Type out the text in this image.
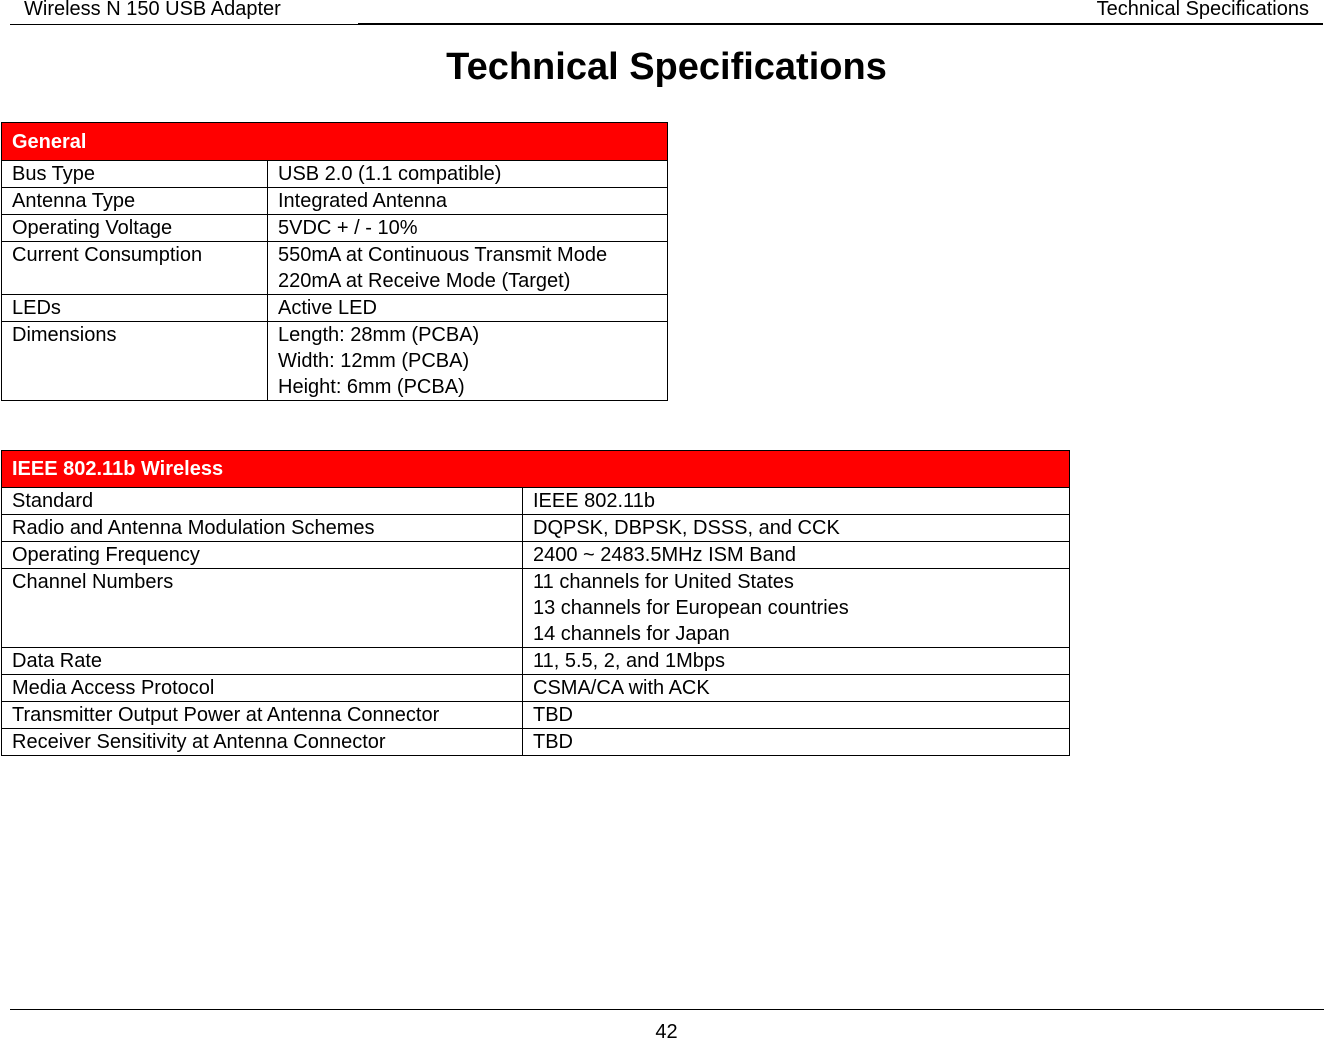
Wireless N 150 USB Adapter	Technical Specifications
Technical Specifications
General	
Bus Type	USB 2.0 (1.1 compatible)

Antenna Type	Integrated Antenna

Operating Voltage	5VDC + / - 10%

Current Consumption	550mA at Continuous Transmit Mode
220mA at Receive Mode (Target)

LEDs	Active LED

Dimensions	Length: 28mm (PCBA)
Width: 12mm (PCBA)
Height: 6mm (PCBA)
IEEE 802.11b Wireless	
Standard	IEEE 802.11b

Radio and Antenna Modulation Schemes	DQPSK, DBPSK, DSSS, and CCK

Operating Frequency	2400 ~ 2483.5MHz ISM Band

Channel Numbers	11 channels for United States
13 channels for European countries
14 channels for Japan

Data Rate	11, 5.5, 2, and 1Mbps

Media Access Protocol	CSMA/CA with ACK

Transmitter Output Power at Antenna Connector	TBD

Receiver Sensitivity at Antenna Connector	TBD
42
